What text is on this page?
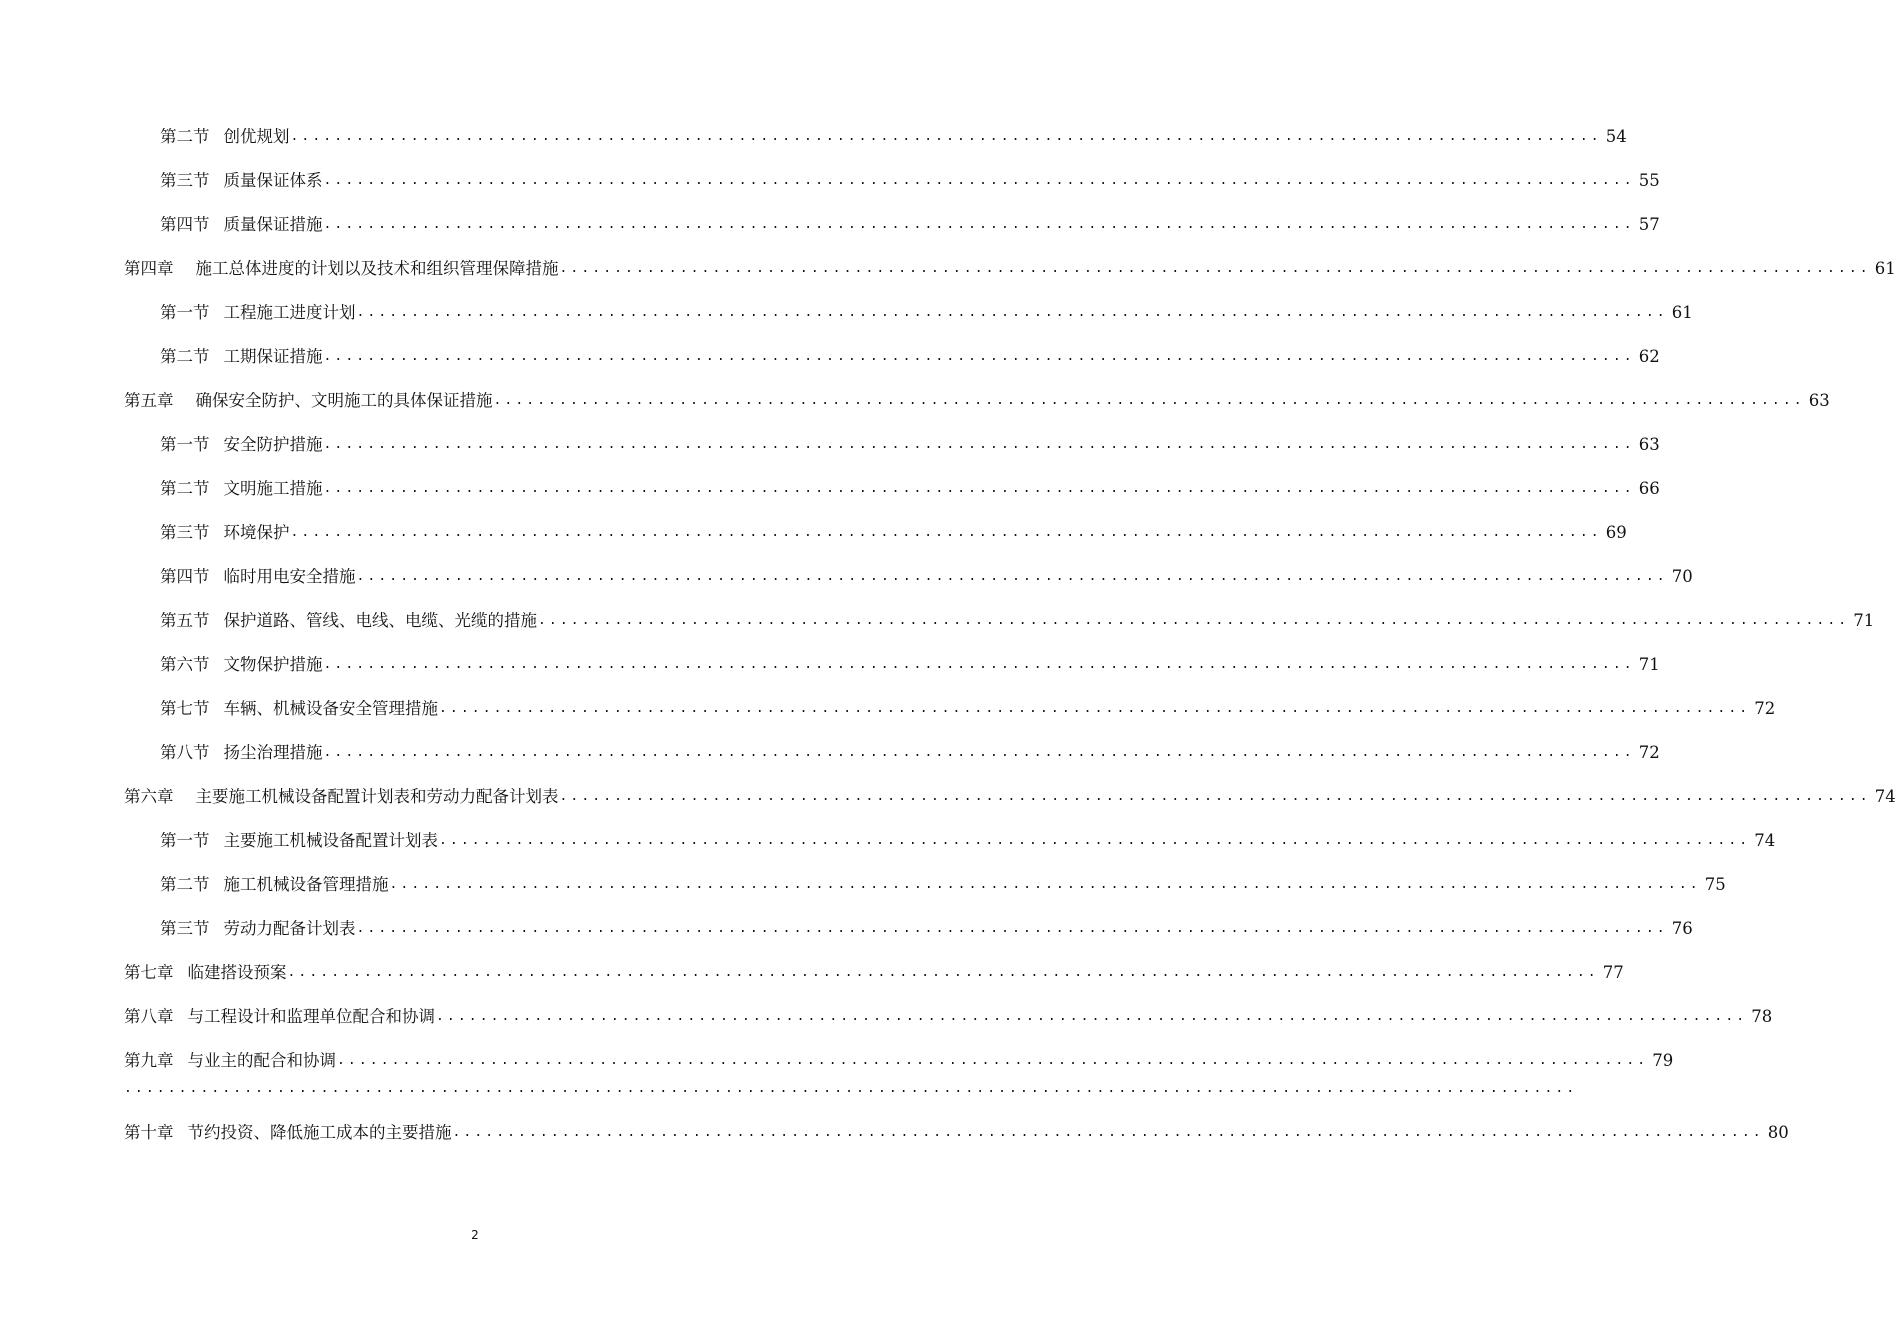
第二节 创优规划 ........................................................................................................................ 54
第三节 质量保证体系 ........................................................................................................................ 55
第四节 质量保证措施 ........................................................................................................................ 57
第四章 施工总体进度的计划以及技术和组织管理保障措施 ........................................................................................................................ 61
第一节 工程施工进度计划 ........................................................................................................................ 61
第二节 工期保证措施 ........................................................................................................................ 62
第五章 确保安全防护、文明施工的具体保证措施 ........................................................................................................................ 63
第一节 安全防护措施 ........................................................................................................................ 63
第二节 文明施工措施 ........................................................................................................................ 66
第三节 环境保护 ........................................................................................................................ 69
第四节 临时用电安全措施 ........................................................................................................................ 70
第五节 保护道路、管线、电线、电缆、光缆的措施 ........................................................................................................................ 71
第六节 文物保护措施 ........................................................................................................................ 71
第七节 车辆、机械设备安全管理措施 ........................................................................................................................ 72
第八节 扬尘治理措施 ........................................................................................................................ 72
第六章 主要施工机械设备配置计划表和劳动力配备计划表 ........................................................................................................................ 74
第一节 主要施工机械设备配置计划表 ........................................................................................................................ 74
第二节 施工机械设备管理措施 ........................................................................................................................ 75
第三节 劳动力配备计划表 ........................................................................................................................ 76
第七章 临建搭设预案 ........................................................................................................................ 77
第八章 与工程设计和监理单位配合和协调 ........................................................................................................................ 78
第九章 与业主的配合和协调 ........................................................................................................................ 79
.....................................................................................................................................
第十章 节约投资、降低施工成本的主要措施 ........................................................................................................................ 80
2
